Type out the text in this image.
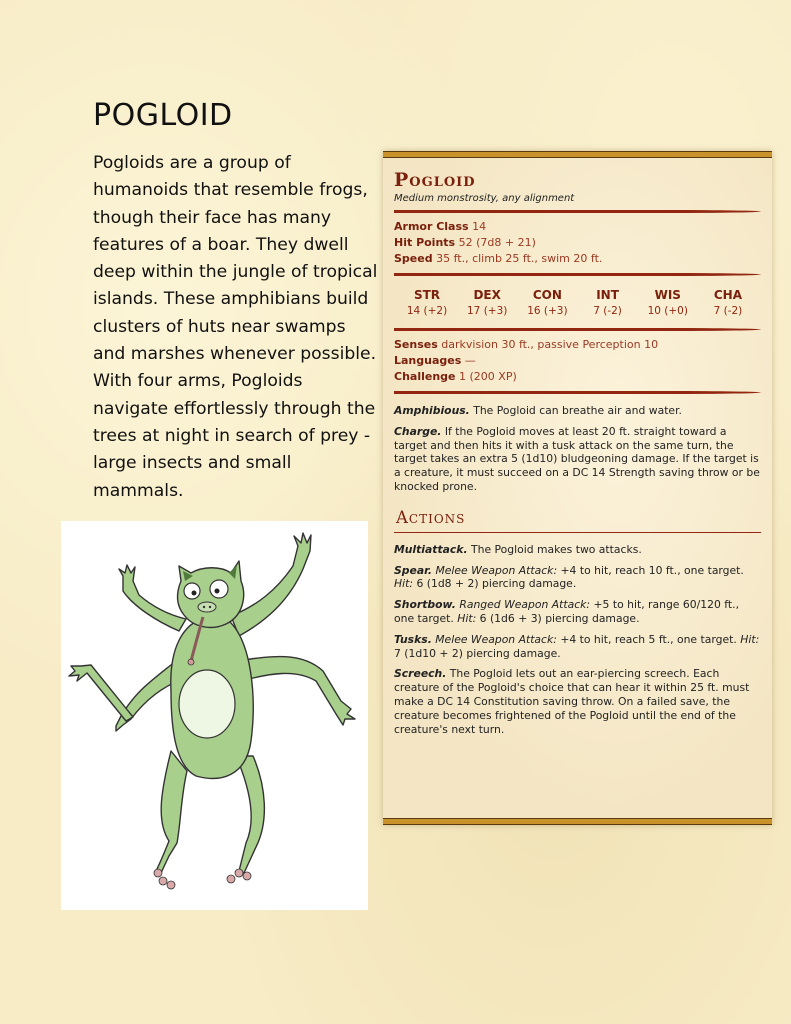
POGLOID
Pogloids are a group of humanoids that resemble frogs, though their face has many features of a boar. They dwell deep within the jungle of tropical islands. These amphibians build clusters of huts near swamps and marshes whenever possible. With four arms, Pogloids navigate effortlessly through the trees at night in search of prey - large insects and small mammals.
Pogloid
Medium monstrosity, any alignment

Armor Class 14

Hit Points 52 (7d8 + 21)

Speed 35 ft., climb 25 ft., swim 20 ft.

STR
14 (+2)
DEX
17 (+3)
CON
16 (+3)
INT
7 (-2)
WIS
10 (+0)
CHA
7 (-2)

Senses darkvision 30 ft., passive Perception 10

Languages —

Challenge 1 (200 XP)

Amphibious. The Pogloid can breathe air and water.

Charge. If the Pogloid moves at least 20 ft. straight toward a target and then hits it with a tusk attack on the same turn, the target takes an extra 5 (1d10) bludgeoning damage. If the target is a creature, it must succeed on a DC 14 Strength saving throw or be knocked prone.

Actions

Multiattack. The Pogloid makes two attacks.

Spear. Melee Weapon Attack: +4 to hit, reach 10 ft., one target. Hit: 6 (1d8 + 2) piercing damage.

Shortbow. Ranged Weapon Attack: +5 to hit, range 60/120 ft., one target. Hit: 6 (1d6 + 3) piercing damage.

Tusks. Melee Weapon Attack: +4 to hit, reach 5 ft., one target. Hit: 7 (1d10 + 2) piercing damage.

Screech. The Pogloid lets out an ear-piercing screech. Each creature of the Pogloid's choice that can hear it within 25 ft. must make a DC 14 Constitution saving throw. On a failed save, the creature becomes frightened of the Pogloid until the end of the creature's next turn.
